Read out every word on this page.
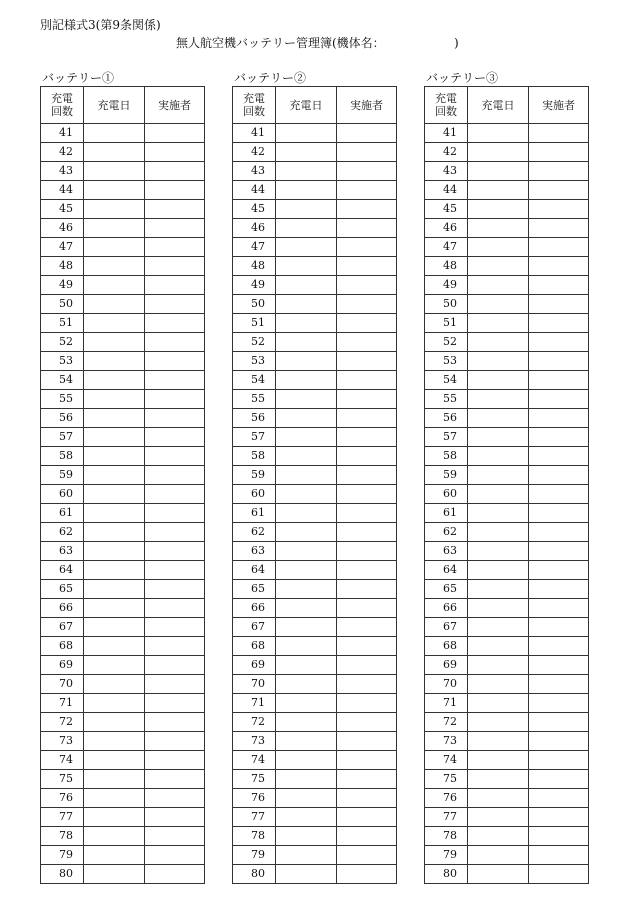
別記様式3(第9条関係)
無人航空機バッテリー管理簿(機体名：	)
バッテリー①
充電
回数	充電日	実施者
41		
42		
43		
44		
45		
46		
47		
48		
49		
50		
51		
52		
53		
54		
55		
56		
57		
58		
59		
60		
61		
62		
63		
64		
65		
66		
67		
68		
69		
70		
71		
72		
73		
74		
75		
76		
77		
78		
79		
80		
バッテリー②
充電
回数	充電日	実施者
41		
42		
43		
44		
45		
46		
47		
48		
49		
50		
51		
52		
53		
54		
55		
56		
57		
58		
59		
60		
61		
62		
63		
64		
65		
66		
67		
68		
69		
70		
71		
72		
73		
74		
75		
76		
77		
78		
79		
80		
バッテリー③
充電
回数	充電日	実施者
41		
42		
43		
44		
45		
46		
47		
48		
49		
50		
51		
52		
53		
54		
55		
56		
57		
58		
59		
60		
61		
62		
63		
64		
65		
66		
67		
68		
69		
70		
71		
72		
73		
74		
75		
76		
77		
78		
79		
80		
